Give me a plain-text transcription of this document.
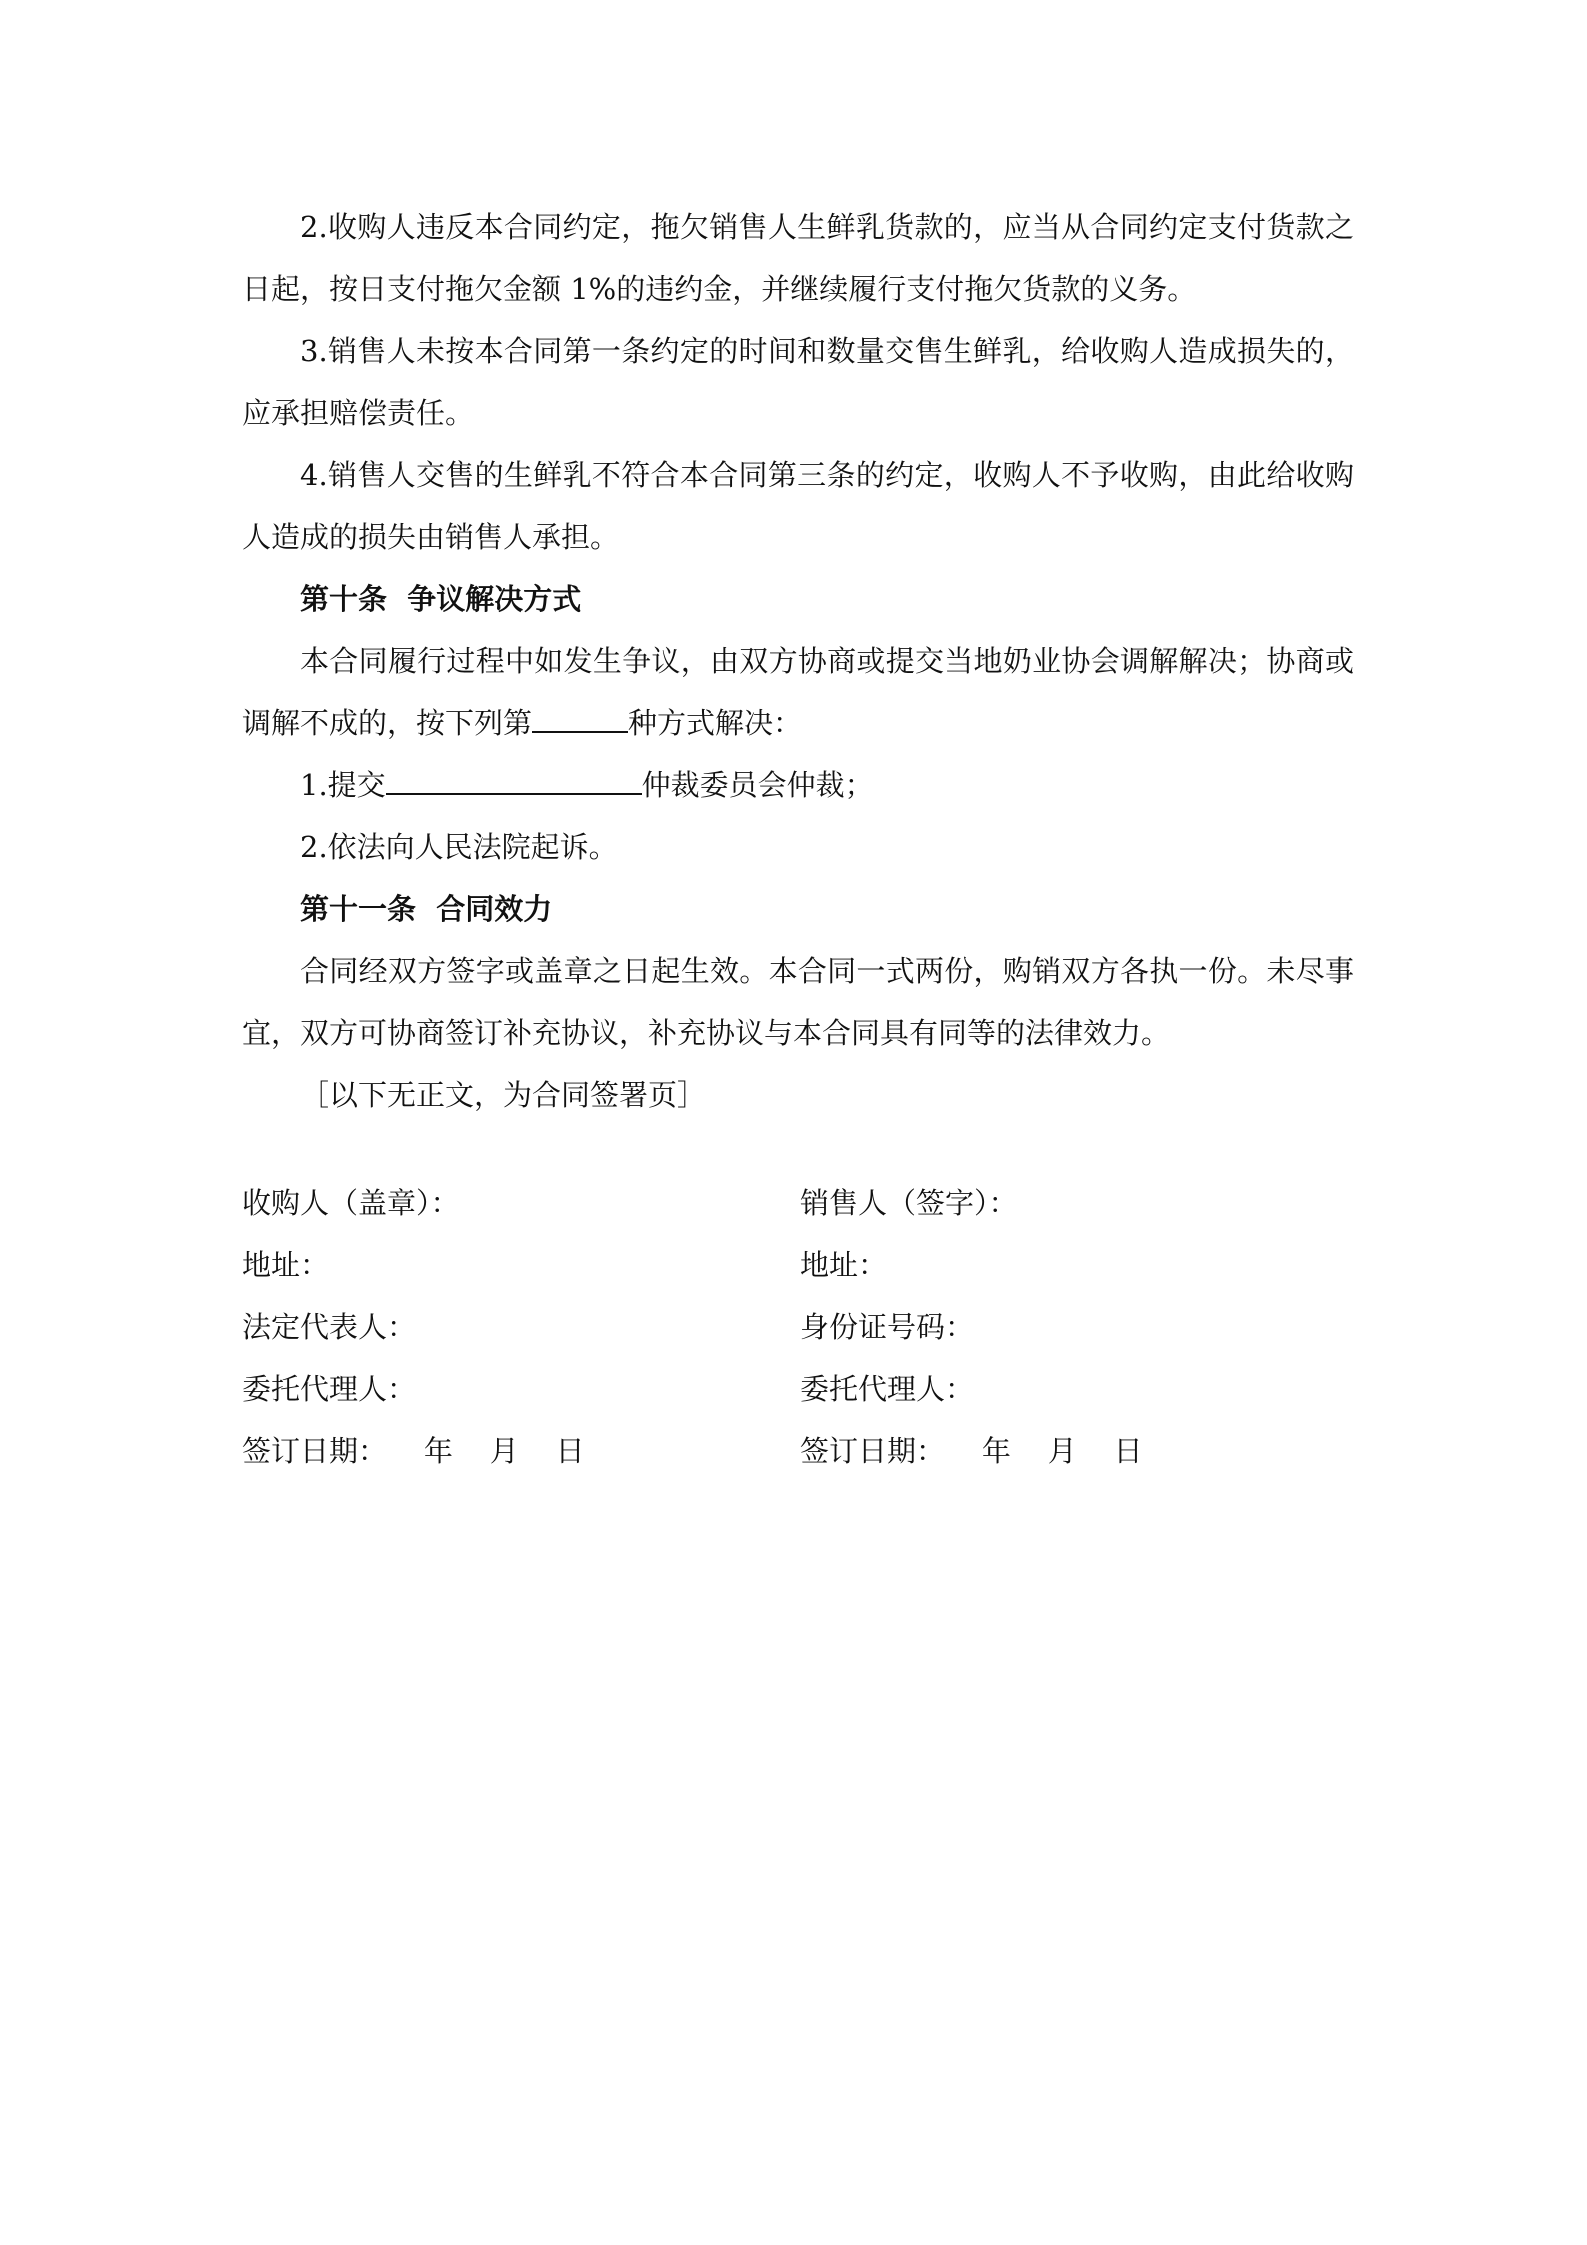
2.收购人违反本合同约定，拖欠销售人生鲜乳货款的，应当从合同约定支付货款之日起，按日支付拖欠金额 1%的违约金，并继续履行支付拖欠货款的义务。

3.销售人未按本合同第一条约定的时间和数量交售生鲜乳，给收购人造成损失的，应承担赔偿责任。

4.销售人交售的生鲜乳不符合本合同第三条的约定，收购人不予收购，由此给收购人造成的损失由销售人承担。

第十条  争议解决方式

本合同履行过程中如发生争议，由双方协商或提交当地奶业协会调解解决；协商或调解不成的，按下列第	种方式解决：

1.提交	仲裁委员会仲裁；

2.依法向人民法院起诉。

第十一条  合同效力

合同经双方签字或盖章之日起生效。本合同一式两份，购销双方各执一份。未尽事宜，双方可协商签订补充协议，补充协议与本合同具有同等的法律效力。

［以下无正文，为合同签署页］

收购人（盖章）：	销售人（签字）：
地址：	地址：
法定代表人：	身份证号码：
委托代理人：	委托代理人：
签订日期：    年    月    日	签订日期：    年    月    日
